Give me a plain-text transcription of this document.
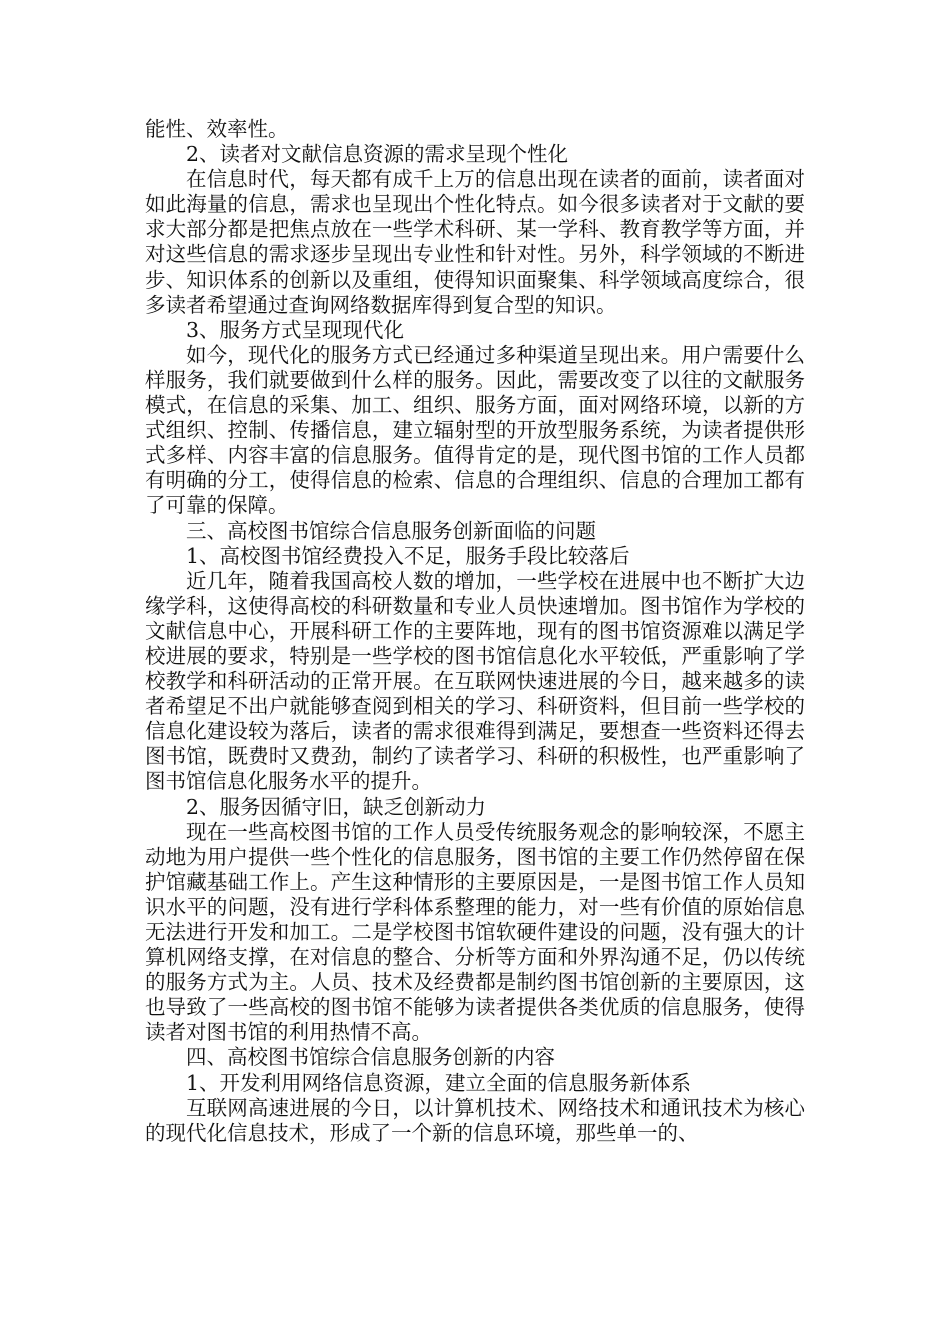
能性、效率性。

2、读者对文献信息资源的需求呈现个性化

在信息时代，每天都有成千上万的信息出现在读者的面前，读者面对如此海量的信息，需求也呈现出个性化特点。如今很多读者对于文献的要求大部分都是把焦点放在一些学术科研、某一学科、教育教学等方面，并对这些信息的需求逐步呈现出专业性和针对性。另外，科学领域的不断进步、知识体系的创新以及重组，使得知识面聚集、科学领域高度综合，很多读者希望通过查询网络数据库得到复合型的知识。

3、服务方式呈现现代化

如今，现代化的服务方式已经通过多种渠道呈现出来。用户需要什么样服务，我们就要做到什么样的服务。因此，需要改变了以往的文献服务模式，在信息的采集、加工、组织、服务方面，面对网络环境，以新的方式组织、控制、传播信息，建立辐射型的开放型服务系统，为读者提供形式多样、内容丰富的信息服务。值得肯定的是，现代图书馆的工作人员都有明确的分工，使得信息的检索、信息的合理组织、信息的合理加工都有了可靠的保障。

三、高校图书馆综合信息服务创新面临的问题

1、高校图书馆经费投入不足，服务手段比较落后

近几年，随着我国高校人数的增加，一些学校在进展中也不断扩大边缘学科，这使得高校的科研数量和专业人员快速增加。图书馆作为学校的文献信息中心，开展科研工作的主要阵地，现有的图书馆资源难以满足学校进展的要求，特别是一些学校的图书馆信息化水平较低，严重影响了学校教学和科研活动的正常开展。在互联网快速进展的今日，越来越多的读者希望足不出户就能够查阅到相关的学习、科研资料，但目前一些学校的信息化建设较为落后，读者的需求很难得到满足，要想查一些资料还得去图书馆，既费时又费劲，制约了读者学习、科研的积极性，也严重影响了图书馆信息化服务水平的提升。

2、服务因循守旧，缺乏创新动力

现在一些高校图书馆的工作人员受传统服务观念的影响较深，不愿主动地为用户提供一些个性化的信息服务，图书馆的主要工作仍然停留在保护馆藏基础工作上。产生这种情形的主要原因是，一是图书馆工作人员知识水平的问题，没有进行学科体系整理的能力，对一些有价值的原始信息无法进行开发和加工。二是学校图书馆软硬件建设的问题，没有强大的计算机网络支撑，在对信息的整合、分析等方面和外界沟通不足，仍以传统的服务方式为主。人员、技术及经费都是制约图书馆创新的主要原因，这也导致了一些高校的图书馆不能够为读者提供各类优质的信息服务，使得读者对图书馆的利用热情不高。

四、高校图书馆综合信息服务创新的内容

1、开发利用网络信息资源，建立全面的信息服务新体系

互联网高速进展的今日，以计算机技术、网络技术和通讯技术为核心的现代化信息技术，形成了一个新的信息环境，那些单一的、
